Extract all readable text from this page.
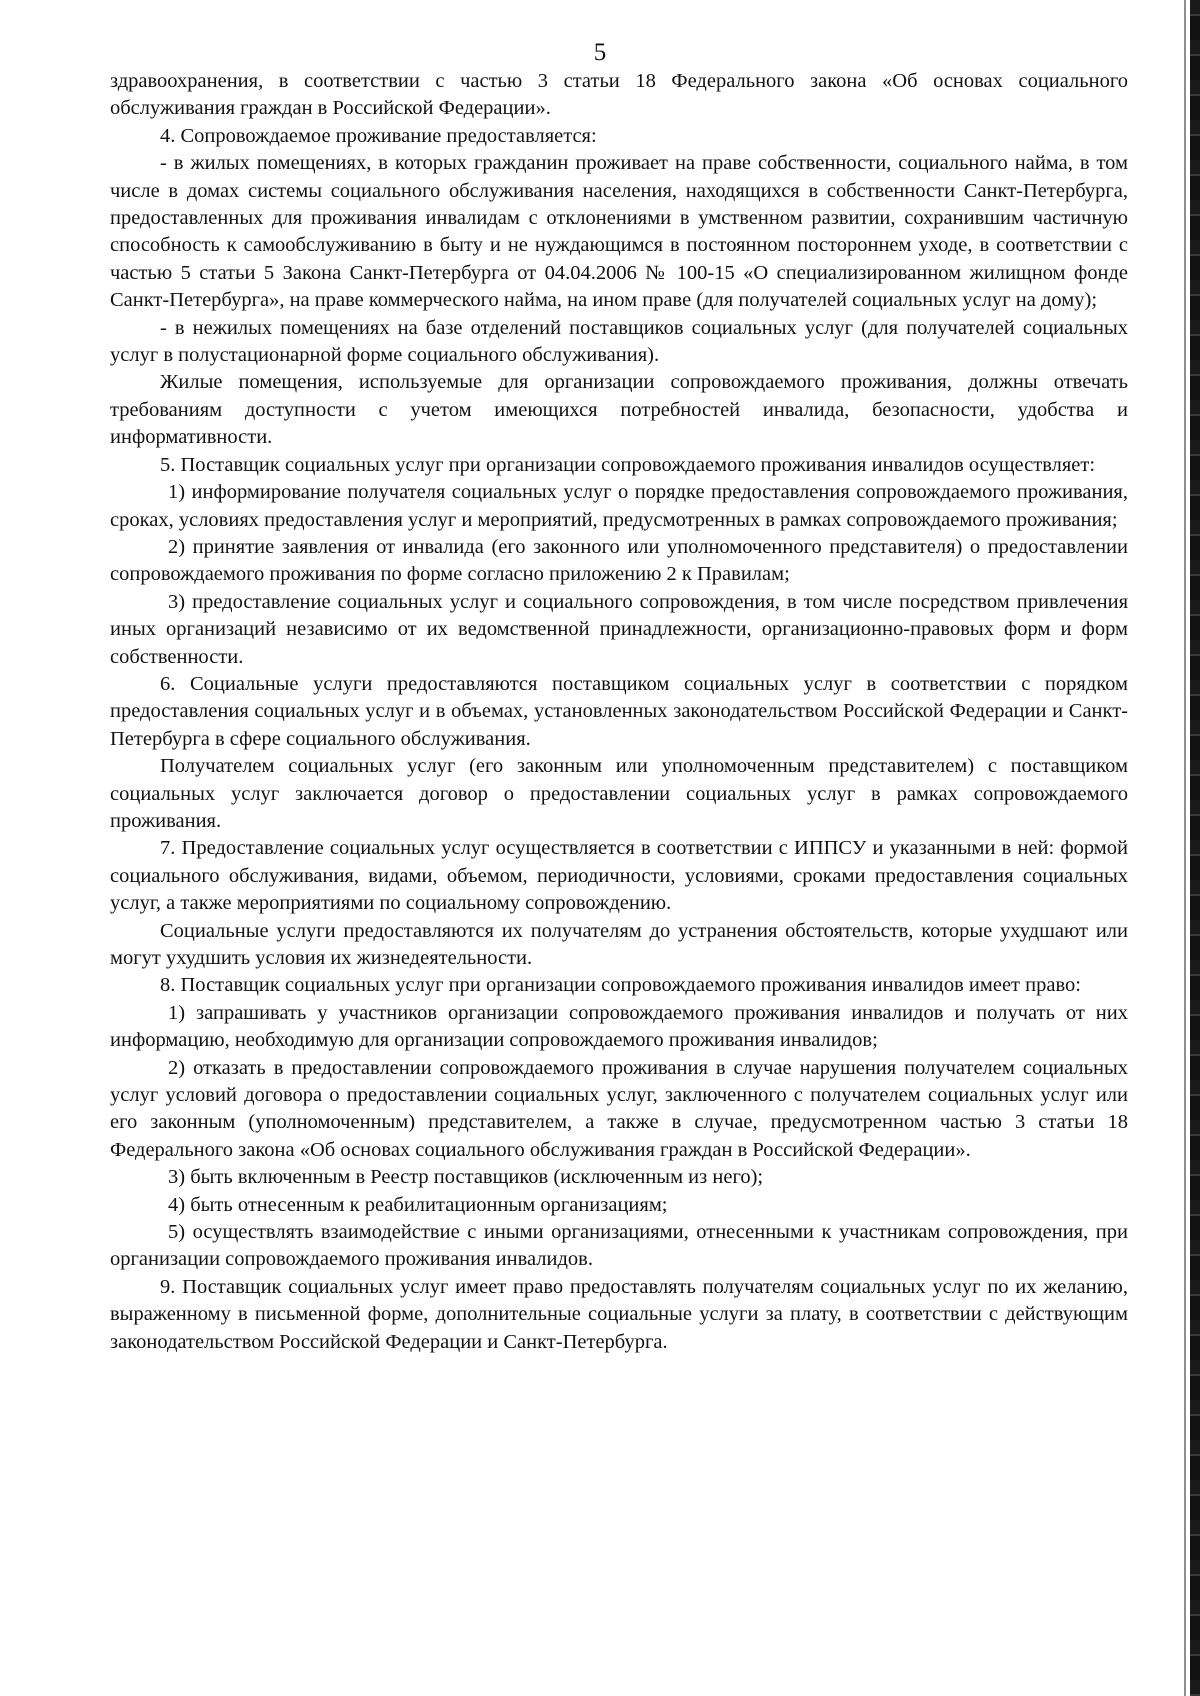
5

здравоохранения, в соответствии с частью 3 статьи 18 Федерального закона «Об основах социального обслуживания граждан в Российской Федерации».

4. Сопровождаемое проживание предоставляется:

- в жилых помещениях, в которых гражданин проживает на праве собственности, социального найма, в том числе в домах системы социального обслуживания населения, находящихся в собственности Санкт-Петербурга, предоставленных для проживания инвалидам с отклонениями в умственном развитии, сохранившим частичную способность к самообслуживанию в быту и не нуждающимся в постоянном постороннем уходе, в соответствии с частью 5 статьи 5 Закона Санкт-Петербурга от 04.04.2006 № 100-15 «О специализированном жилищном фонде Санкт-Петербурга», на праве коммерческого найма, на ином праве (для получателей социальных услуг на дому);

- в нежилых помещениях на базе отделений поставщиков социальных услуг (для получателей социальных услуг в полустационарной форме социального обслуживания).

Жилые помещения, используемые для организации сопровождаемого проживания, должны отвечать требованиям доступности с учетом имеющихся потребностей инвалида, безопасности, удобства и информативности.

5. Поставщик социальных услуг при организации сопровождаемого проживания инвалидов осуществляет:

1) информирование получателя социальных услуг о порядке предоставления сопровождаемого проживания, сроках, условиях предоставления услуг и мероприятий, предусмотренных в рамках сопровождаемого проживания;

2) принятие заявления от инвалида (его законного или уполномоченного представителя) о предоставлении сопровождаемого проживания по форме согласно приложению 2 к Правилам;

3) предоставление социальных услуг и социального сопровождения, в том числе посредством привлечения иных организаций независимо от их ведомственной принадлежности, организационно-правовых форм и форм собственности.

6. Социальные услуги предоставляются поставщиком социальных услуг в соответствии с порядком предоставления социальных услуг и в объемах, установленных законодательством Российской Федерации и Санкт-Петербурга в сфере социального обслуживания.

Получателем социальных услуг (его законным или уполномоченным представителем) с поставщиком социальных услуг заключается договор о предоставлении социальных услуг в рамках сопровождаемого проживания.

7. Предоставление социальных услуг осуществляется в соответствии с ИППСУ и указанными в ней: формой социального обслуживания, видами, объемом, периодичности, условиями, сроками предоставления социальных услуг, а также мероприятиями по социальному сопровождению.

Социальные услуги предоставляются их получателям до устранения обстоятельств, которые ухудшают или могут ухудшить условия их жизнедеятельности.

8. Поставщик социальных услуг при организации сопровождаемого проживания инвалидов имеет право:

1) запрашивать у участников организации сопровождаемого проживания инвалидов и получать от них информацию, необходимую для организации сопровождаемого проживания инвалидов;

2) отказать в предоставлении сопровождаемого проживания в случае нарушения получателем социальных услуг условий договора о предоставлении социальных услуг, заключенного с получателем социальных услуг или его законным (уполномоченным) представителем, а также в случае, предусмотренном частью 3 статьи 18 Федерального закона «Об основах социального обслуживания граждан в Российской Федерации».

3) быть включенным в Реестр поставщиков (исключенным из него);

4) быть отнесенным к реабилитационным организациям;

5) осуществлять взаимодействие с иными организациями, отнесенными к участникам сопровождения, при организации сопровождаемого проживания инвалидов.

9. Поставщик социальных услуг имеет право предоставлять получателям социальных услуг по их желанию, выраженному в письменной форме, дополнительные социальные услуги за плату, в соответствии с действующим законодательством Российской Федерации и Санкт-Петербурга.
